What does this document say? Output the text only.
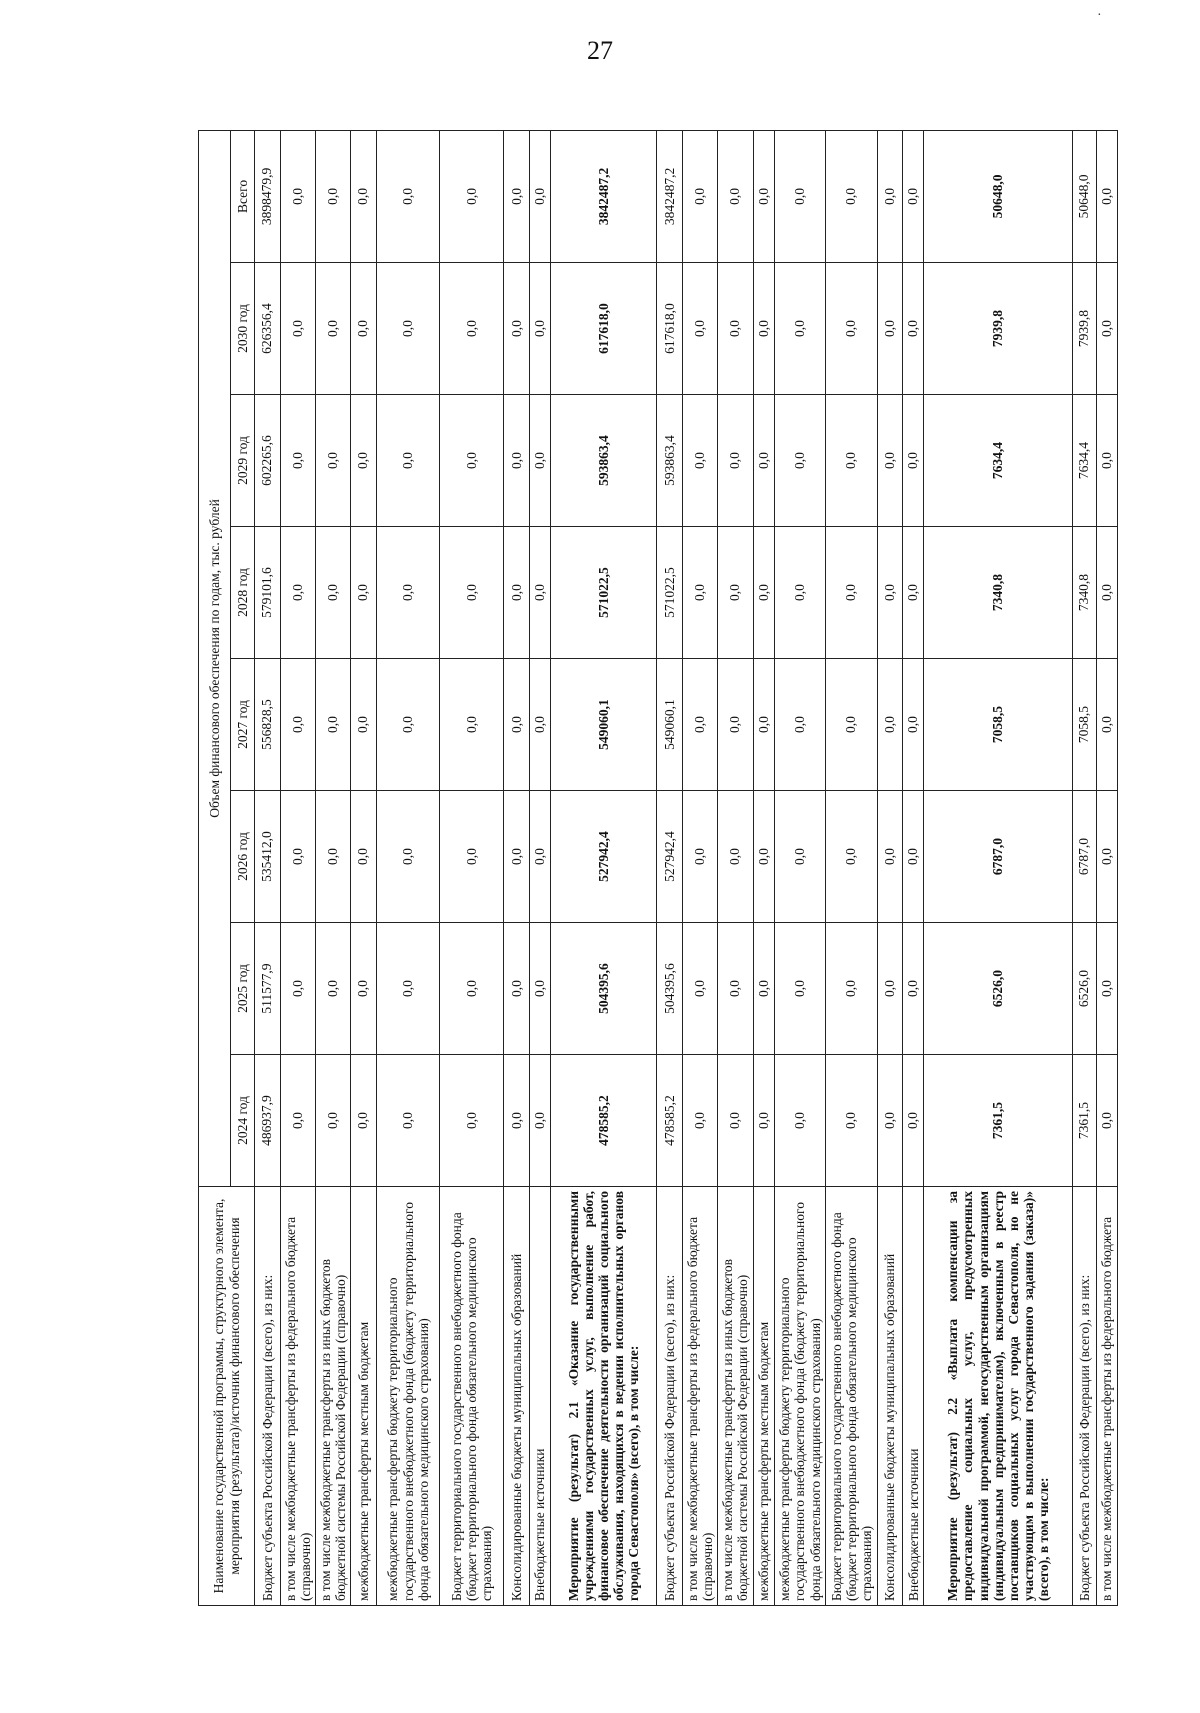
27
·
Наименование государственной программы, структурного элемента, мероприятия (результата)/источник финансового обеспечения	Объем финансового обеспечения по годам, тыс. рублей							
	2024 год	2025 год	2026 год	2027 год	2028 год	2029 год	2030 год	Всего
Бюджет субъекта Российской Федерации (всего), из них:	486937,9	511577,9	535412,0	556828,5	579101,6	602265,6	626356,4	3898479,9
в том числе межбюджетные трансферты из федерального бюджета (справочно)	0,0	0,0	0,0	0,0	0,0	0,0	0,0	0,0
в том числе межбюджетные трансферты из иных бюджетов бюджетной системы Российской Федерации (справочно)	0,0	0,0	0,0	0,0	0,0	0,0	0,0	0,0
межбюджетные трансферты местным бюджетам	0,0	0,0	0,0	0,0	0,0	0,0	0,0	0,0
межбюджетные трансферты бюджету территориального государственного внебюджетного фонда (бюджету территориального фонда обязательного медицинского страхования)	0,0	0,0	0,0	0,0	0,0	0,0	0,0	0,0
Бюджет территориального государственного внебюджетного фонда (бюджет территориального фонда обязательного медицинского страхования)	0,0	0,0	0,0	0,0	0,0	0,0	0,0	0,0
Консолидированные бюджеты муниципальных образований	0,0	0,0	0,0	0,0	0,0	0,0	0,0	0,0
Внебюджетные источники	0,0	0,0	0,0	0,0	0,0	0,0	0,0	0,0
Мероприятие (результат) 2.1 «Оказание государственными учреждениями государственных услуг, выполнение работ, финансовое обеспечение деятельности организаций социального обслуживания, находящихся в ведении исполнительных органов города Севастополя» (всего), в том числе:	478585,2	504395,6	527942,4	549060,1	571022,5	593863,4	617618,0	3842487,2
Бюджет субъекта Российской Федерации (всего), из них:	478585,2	504395,6	527942,4	549060,1	571022,5	593863,4	617618,0	3842487,2
в том числе межбюджетные трансферты из федерального бюджета (справочно)	0,0	0,0	0,0	0,0	0,0	0,0	0,0	0,0
в том числе межбюджетные трансферты из иных бюджетов бюджетной системы Российской Федерации (справочно)	0,0	0,0	0,0	0,0	0,0	0,0	0,0	0,0
межбюджетные трансферты местным бюджетам	0,0	0,0	0,0	0,0	0,0	0,0	0,0	0,0
межбюджетные трансферты бюджету территориального государственного внебюджетного фонда (бюджету территориального фонда обязательного медицинского страхования)	0,0	0,0	0,0	0,0	0,0	0,0	0,0	0,0
Бюджет территориального государственного внебюджетного фонда (бюджет территориального фонда обязательного медицинского страхования)	0,0	0,0	0,0	0,0	0,0	0,0	0,0	0,0
Консолидированные бюджеты муниципальных образований	0,0	0,0	0,0	0,0	0,0	0,0	0,0	0,0
Внебюджетные источники	0,0	0,0	0,0	0,0	0,0	0,0	0,0	0,0
Мероприятие (результат) 2.2 «Выплата компенсации за предоставление социальных услуг, предусмотренных индивидуальной программой, негосударственным организациям (индивидуальным предпринимателям), включенным в реестр поставщиков социальных услуг города Севастополя, но не участвующим в выполнении государственного задания (заказа)» (всего), в том числе:	7361,5	6526,0	6787,0	7058,5	7340,8	7634,4	7939,8	50648,0
Бюджет субъекта Российской Федерации (всего), из них:	7361,5	6526,0	6787,0	7058,5	7340,8	7634,4	7939,8	50648,0
в том числе межбюджетные трансферты из федерального бюджета	0,0	0,0	0,0	0,0	0,0	0,0	0,0	0,0
